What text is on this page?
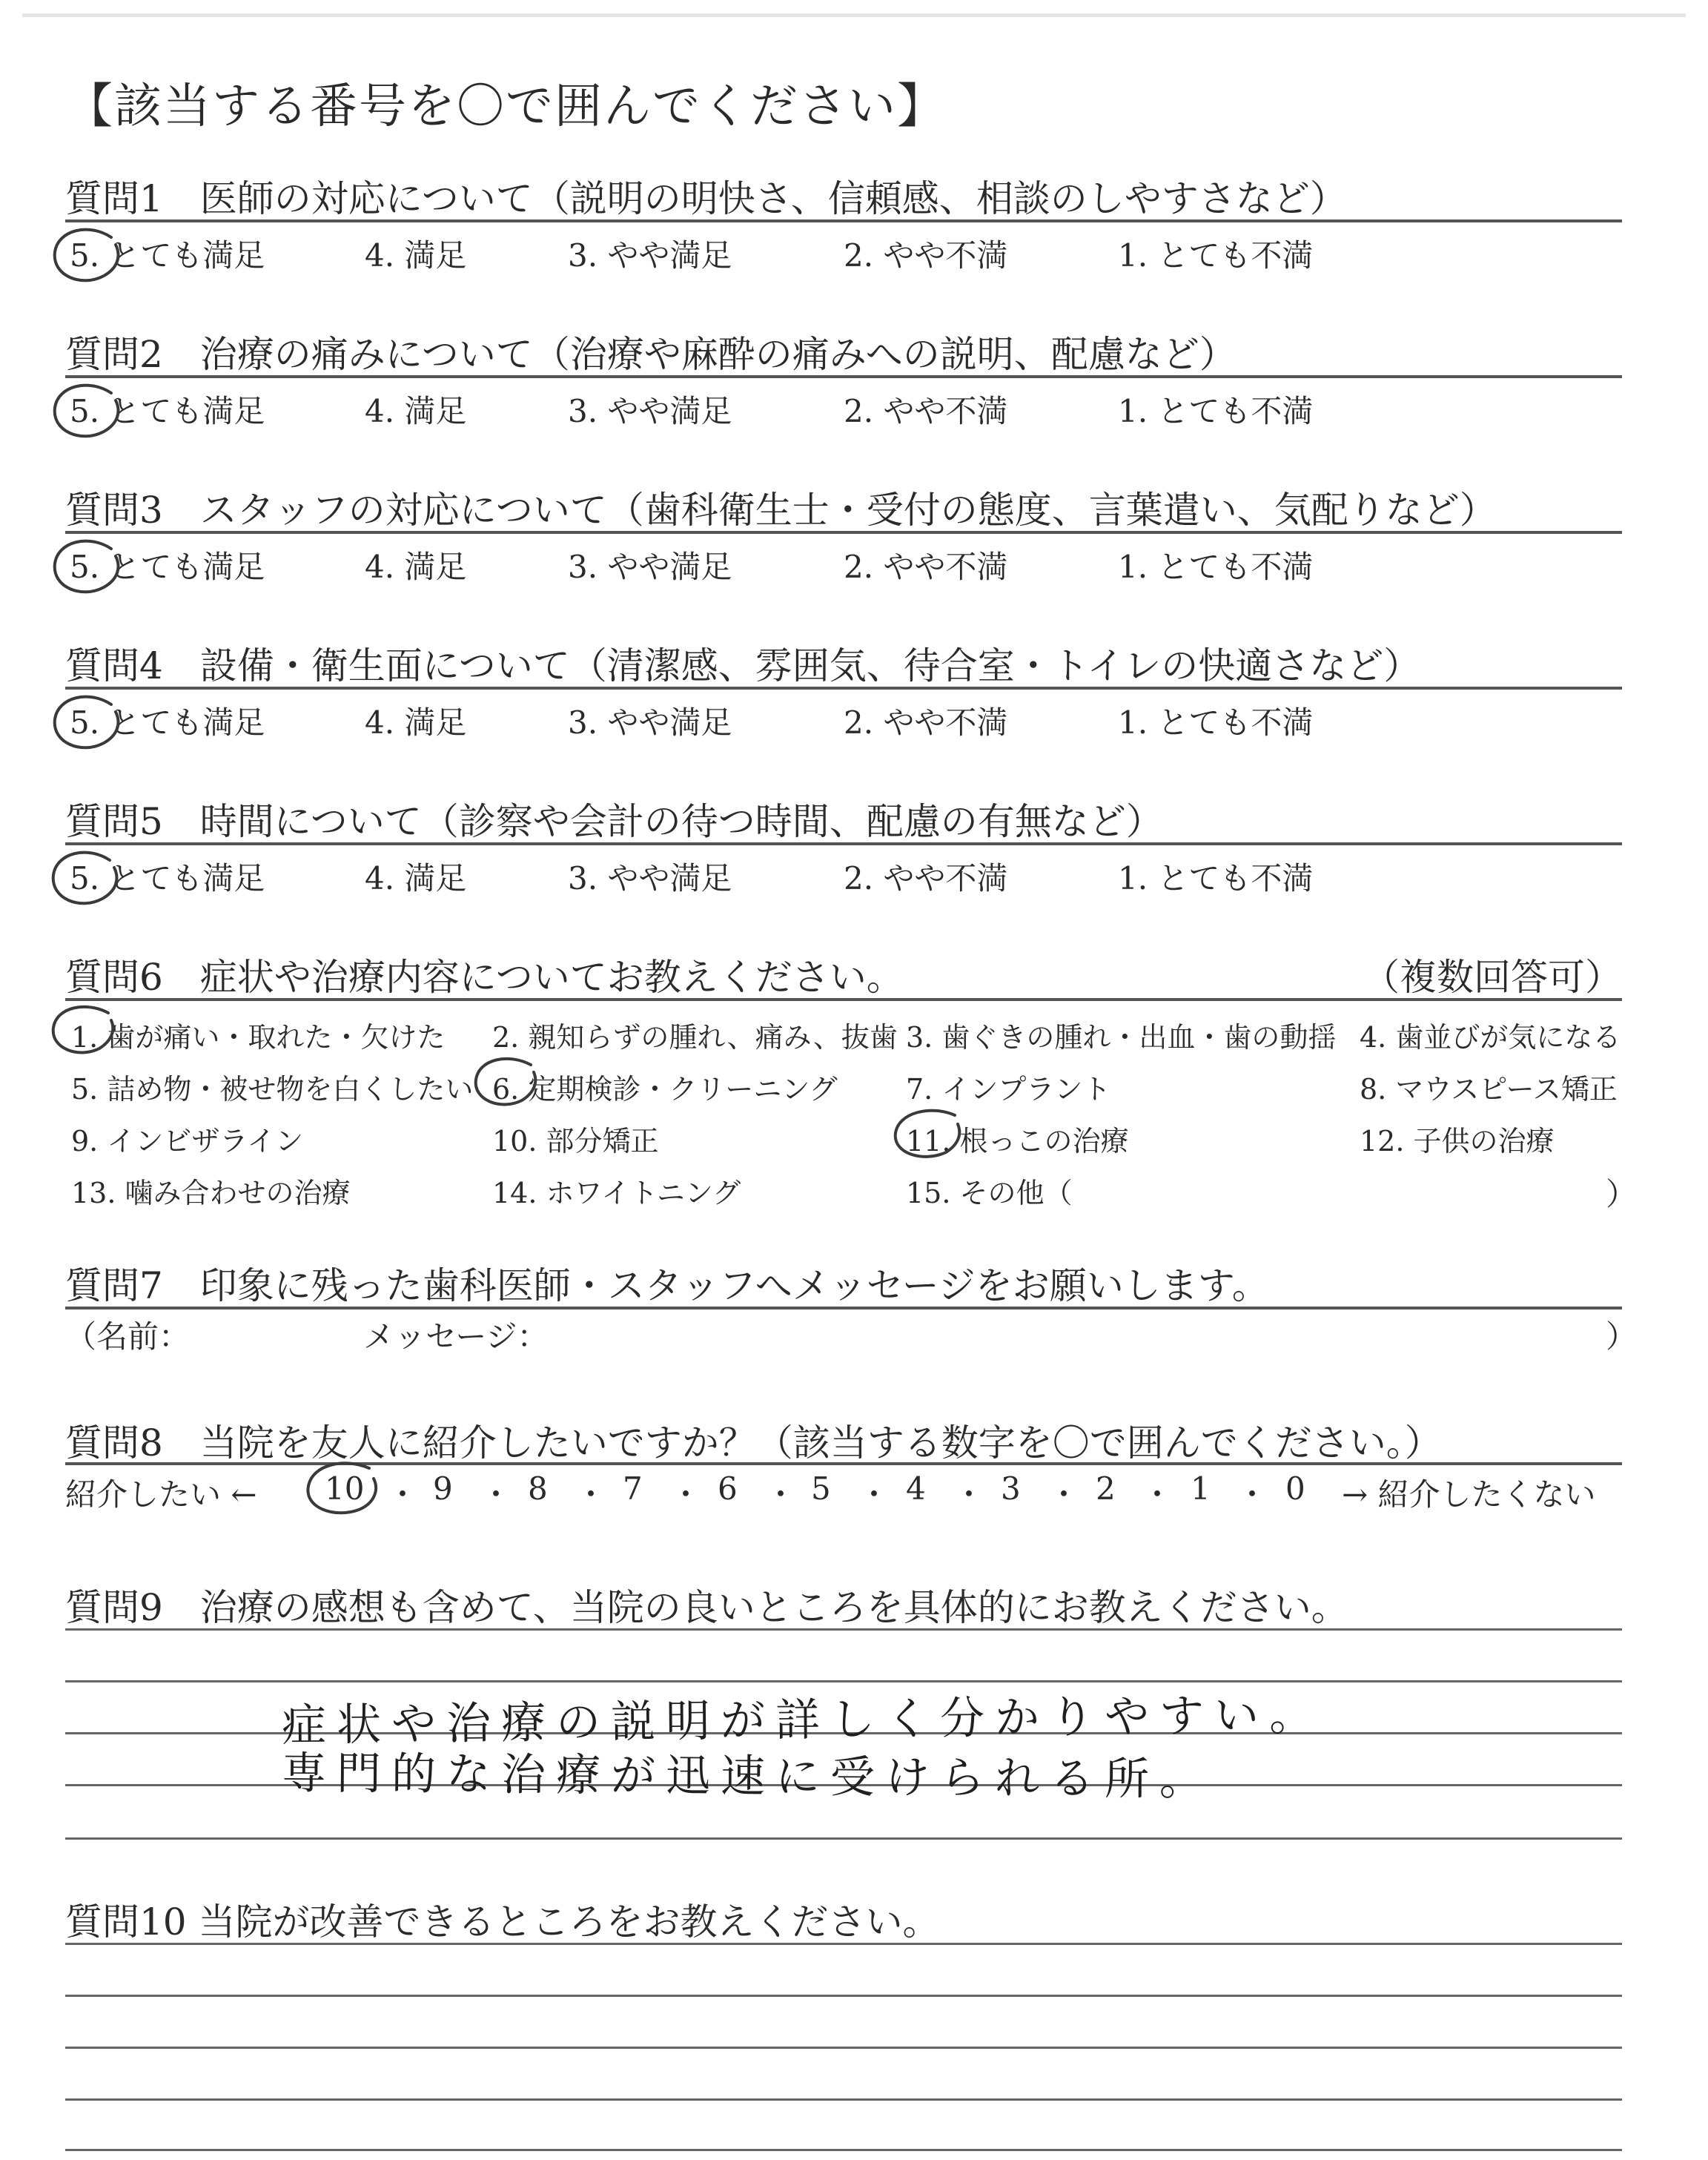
【該当する番号を〇で囲んでください】
質問1　医師の対応について（説明の明快さ、信頼感、相談のしやすさなど）
5. とても満足	4. 満足	3. やや満足	2. やや不満	1. とても不満
質問2　治療の痛みについて（治療や麻酔の痛みへの説明、配慮など）
5. とても満足	4. 満足	3. やや満足	2. やや不満	1. とても不満
質問3　スタッフの対応について（歯科衛生士・受付の態度、言葉遣い、気配りなど）
5. とても満足	4. 満足	3. やや満足	2. やや不満	1. とても不満
質問4　設備・衛生面について（清潔感、雰囲気、待合室・トイレの快適さなど）
5. とても満足	4. 満足	3. やや満足	2. やや不満	1. とても不満
質問5　時間について（診察や会計の待つ時間、配慮の有無など）
5. とても満足	4. 満足	3. やや満足	2. やや不満	1. とても不満
質問6　症状や治療内容についてお教えください。	（複数回答可）
1. 歯が痛い・取れた・欠けた 2. 親知らずの腫れ、痛み、抜歯 3. 歯ぐきの腫れ・出血・歯の動揺 4. 歯並びが気になる
5. 詰め物・被せ物を白くしたい 6. 定期検診・クリーニング 7. インプラント	8. マウスピース矯正
9. インビザライン	10. 部分矯正	11. 根っこの治療	12. 子供の治療
13. 噛み合わせの治療	14. ホワイトニング	15. その他（	）
質問7　印象に残った歯科医師・スタッフへメッセージをお願いします。
（名前：	メッセージ：	）
質問8　当院を友人に紹介したいですか？（該当する数字を〇で囲んでください。）
紹介したい ← 10 ・ 9 ・ 8 ・ 7 ・ 6 ・ 5 ・ 4 ・ 3 ・ 2 ・ 1 ・ 0 → 紹介したくない
質問9　治療の感想も含めて、当院の良いところを具体的にお教えください。
症状や治療の説明が詳しく分かりやすい。
専門的な治療が迅速に受けられる所。
質問10 当院が改善できるところをお教えください。
